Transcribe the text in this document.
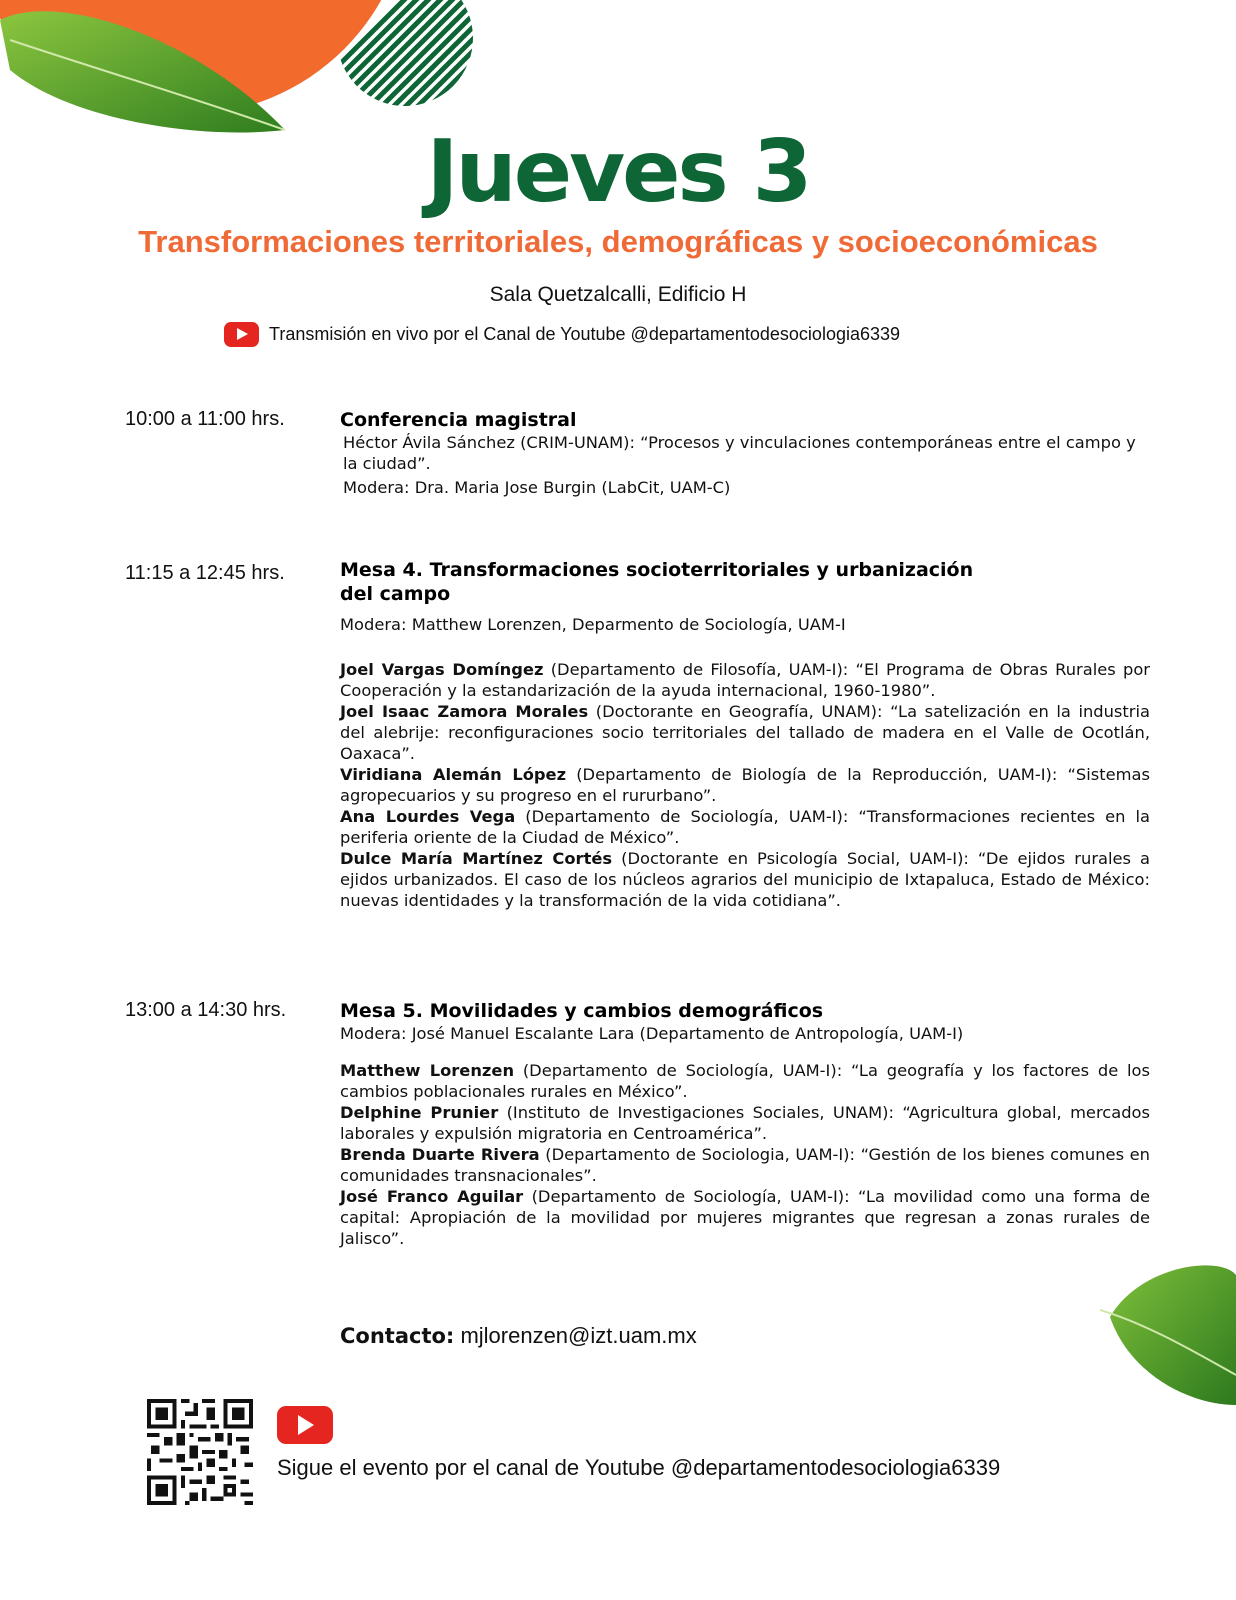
Jueves 3
Transformaciones territoriales, demográficas y socioeconómicas
Sala Quetzalcalli, Edificio H
Transmisión en vivo por el Canal de Youtube @departamentodesociologia6339
10:00 a 11:00 hrs.	Conferencia magistral
Héctor Ávila Sánchez (CRIM-UNAM): “Procesos y vinculaciones contemporáneas entre el campo y la ciudad”.
Modera: Dra. Maria Jose Burgin (LabCit, UAM-C)
11:15 a 12:45 hrs.	Mesa 4. Transformaciones socioterritoriales y urbanización del campo
Modera: Matthew Lorenzen, Deparmento de Sociología, UAM-I
Joel Vargas Domíngez (Departamento de Filosofía, UAM-I): “El Programa de Obras Rurales por Cooperación y la estandarización de la ayuda internacional, 1960-1980”.
Joel Isaac Zamora Morales (Doctorante en Geografía, UNAM): “La satelización en la industria del alebrije: reconfiguraciones socio territoriales del tallado de madera en el Valle de Ocotlán, Oaxaca”.
Viridiana Alemán López (Departamento de Biología de la Reproducción, UAM-I): “Sistemas agropecuarios y su progreso en el rururbano”.
Ana Lourdes Vega (Departamento de Sociología, UAM-I): “Transformaciones recientes en la periferia oriente de la Ciudad de México”.
Dulce María Martínez Cortés (Doctorante en Psicología Social, UAM-I): “De ejidos rurales a ejidos urbanizados. El caso de los núcleos agrarios del municipio de Ixtapaluca, Estado de México: nuevas identidades y la transformación de la vida cotidiana”.
13:00 a 14:30 hrs.	Mesa 5. Movilidades y cambios demográficos
Modera: José Manuel Escalante Lara (Departamento de Antropología, UAM-I)
Matthew Lorenzen (Departamento de Sociología, UAM-I): “La geografía y los factores de los cambios poblacionales rurales en México”.
Delphine Prunier (Instituto de Investigaciones Sociales, UNAM): “Agricultura global, mercados laborales y expulsión migratoria en Centroamérica”.
Brenda Duarte Rivera (Departamento de Sociologia, UAM-I): “Gestión de los bienes comunes en comunidades transnacionales”.
José Franco Aguilar (Departamento de Sociología, UAM-I): “La movilidad como una forma de capital: Apropiación de la movilidad por mujeres migrantes que regresan a zonas rurales de Jalisco”.
Contacto: mjlorenzen@izt.uam.mx
Sigue el evento por el canal de Youtube @departamentodesociologia6339
